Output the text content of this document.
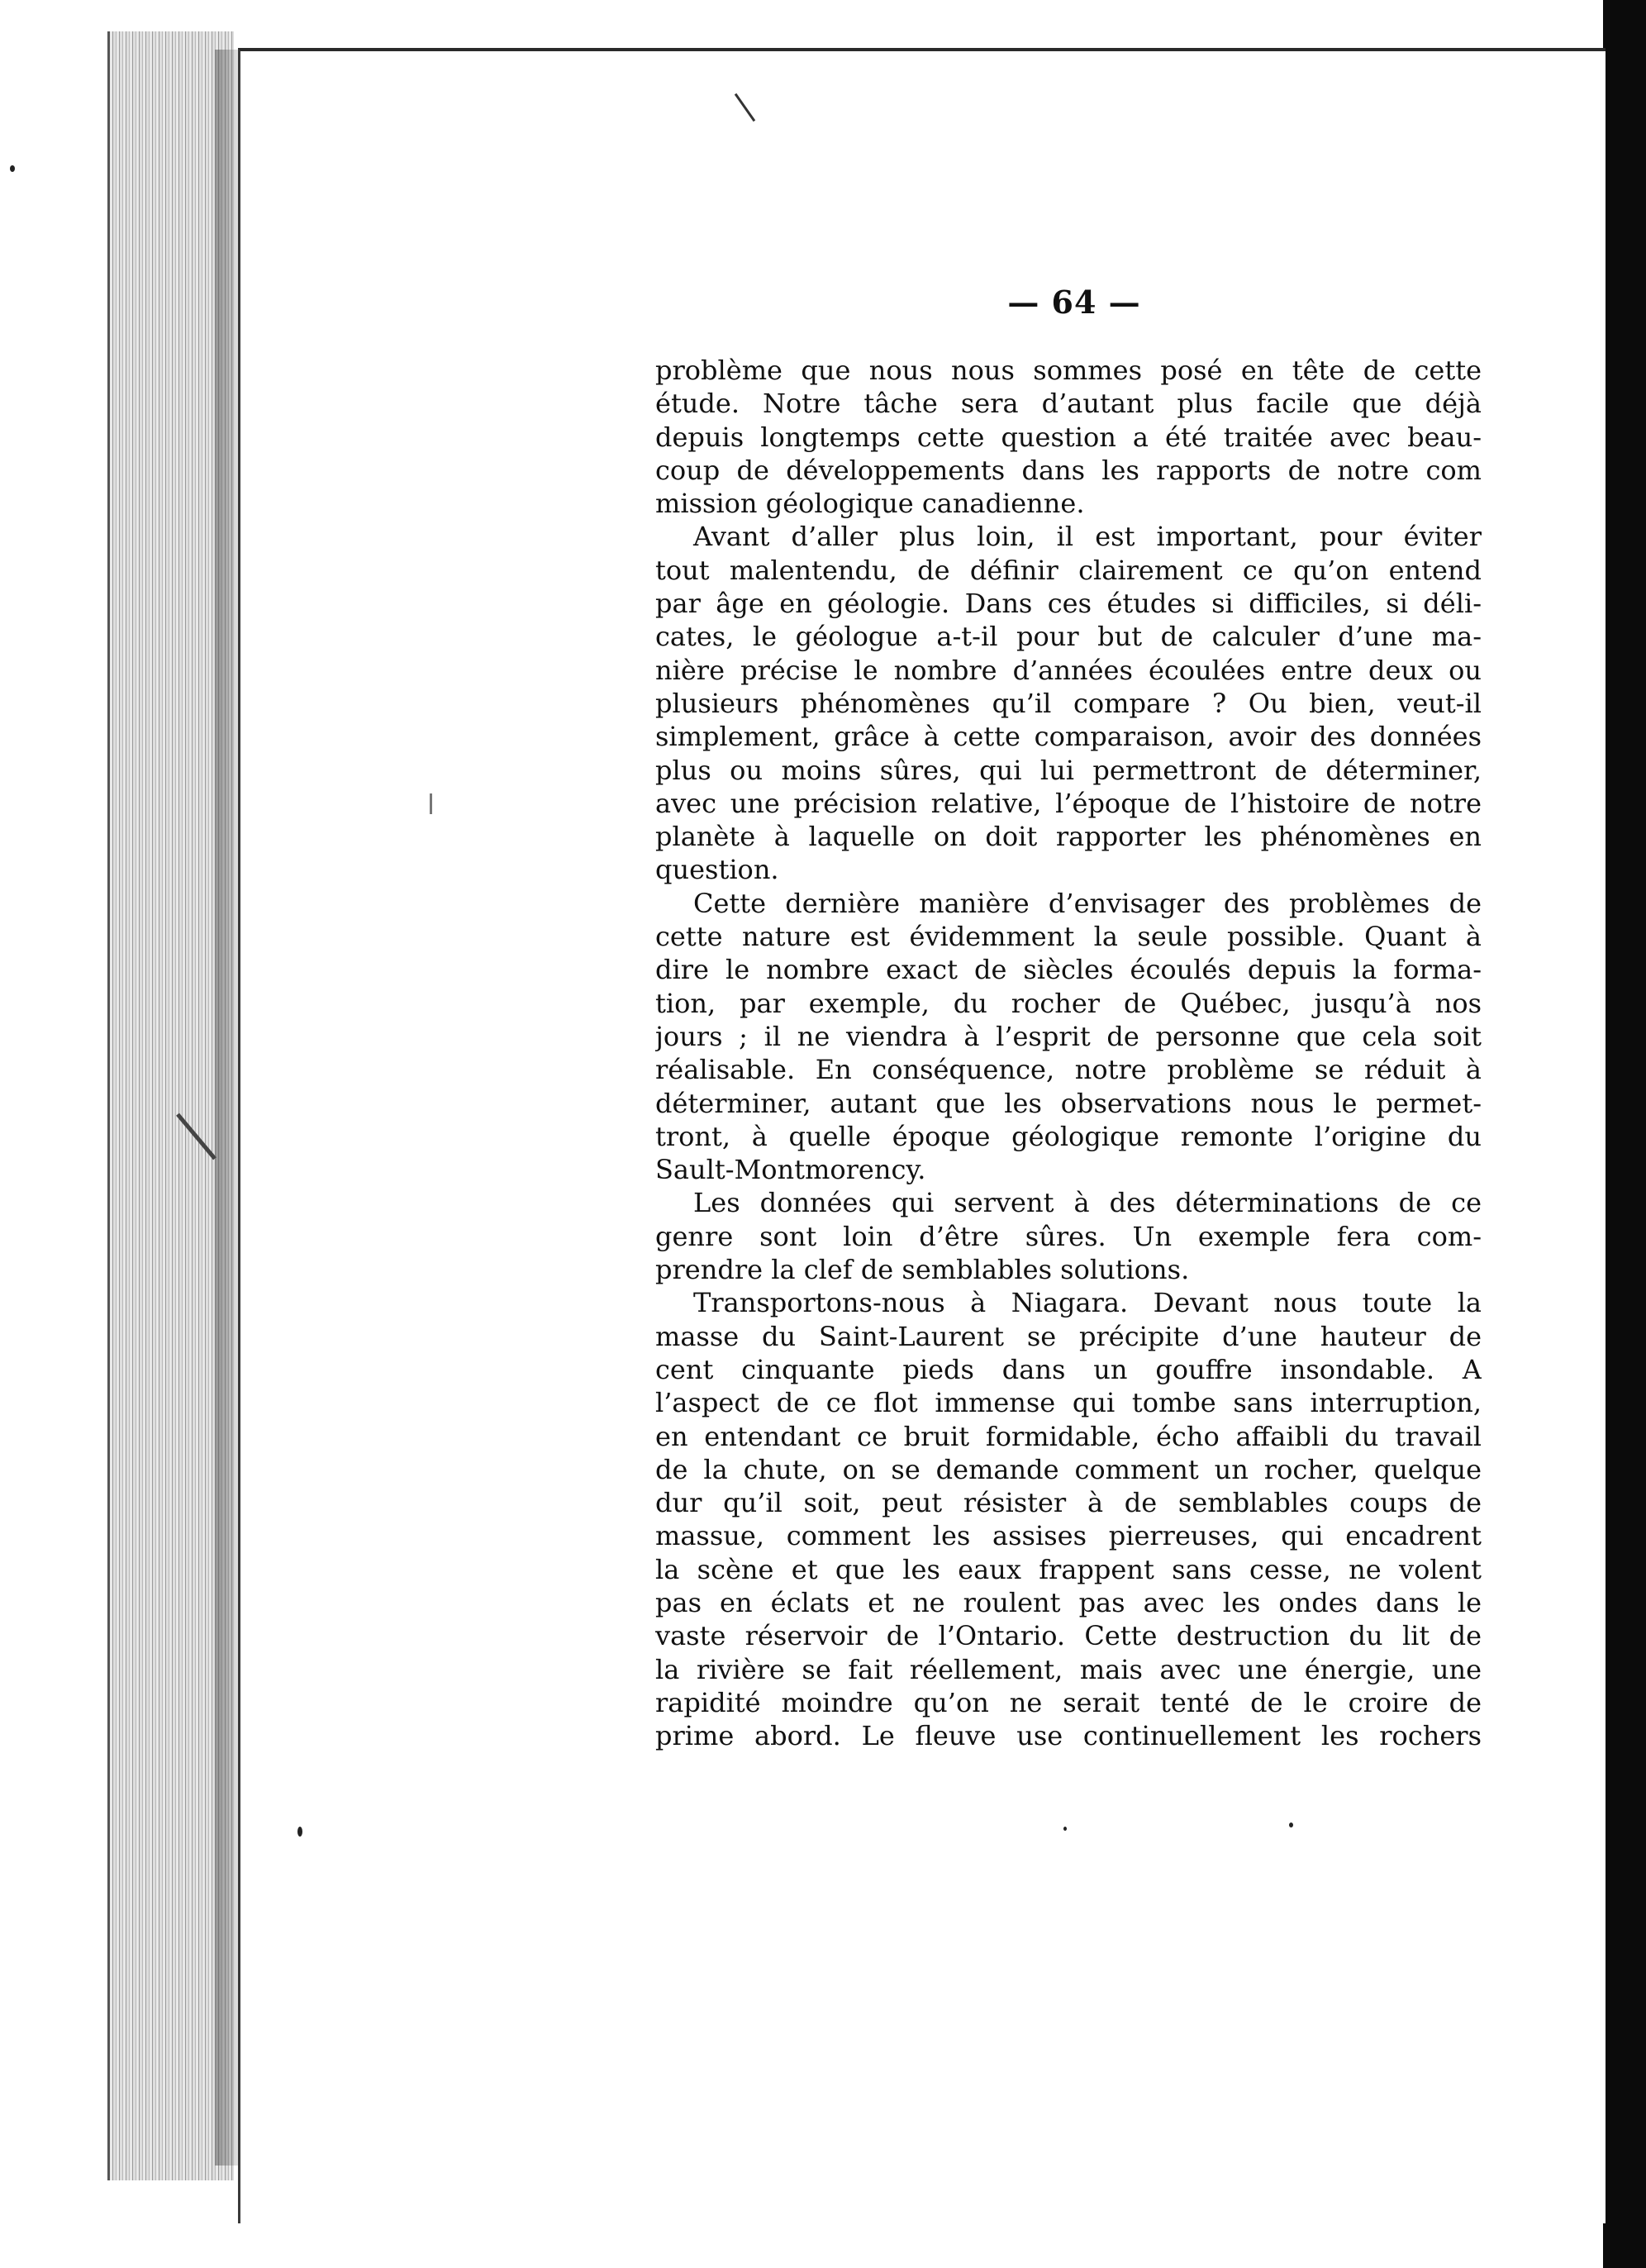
— 64 —
problème que nous nous sommes posé en tête de cette
étude. Notre tâche sera d’autant plus facile que déjà
depuis longtemps cette question a été traitée avec beau-
coup de développements dans les rapports de notre com
mission géologique canadienne.
Avant d’aller plus loin, il est important, pour éviter
tout malentendu, de définir clairement ce qu’on entend
par âge en géologie. Dans ces études si difficiles, si déli-
cates, le géologue a-t-il pour but de calculer d’une ma-
nière précise le nombre d’années écoulées entre deux ou
plusieurs phénomènes qu’il compare ? Ou bien, veut-il
simplement, grâce à cette comparaison, avoir des données
plus ou moins sûres, qui lui permettront de déterminer,
avec une précision relative, l’époque de l’histoire de notre
planète à laquelle on doit rapporter les phénomènes en
question.
Cette dernière manière d’envisager des problèmes de
cette nature est évidemment la seule possible. Quant à
dire le nombre exact de siècles écoulés depuis la forma-
tion, par exemple, du rocher de Québec, jusqu’à nos
jours ; il ne viendra à l’esprit de personne que cela soit
réalisable. En conséquence, notre problème se réduit à
déterminer, autant que les observations nous le permet-
tront, à quelle époque géologique remonte l’origine du
Sault-Montmorency.
Les données qui servent à des déterminations de ce
genre sont loin d’être sûres. Un exemple fera com-
prendre la clef de semblables solutions.
Transportons-nous à Niagara. Devant nous toute la
masse du Saint-Laurent se précipite d’une hauteur de
cent cinquante pieds dans un gouffre insondable. A
l’aspect de ce flot immense qui tombe sans interruption,
en entendant ce bruit formidable, écho affaibli du travail
de la chute, on se demande comment un rocher, quelque
dur qu’il soit, peut résister à de semblables coups de
massue, comment les assises pierreuses, qui encadrent
la scène et que les eaux frappent sans cesse, ne volent
pas en éclats et ne roulent pas avec les ondes dans le
vaste réservoir de l’Ontario. Cette destruction du lit de
la rivière se fait réellement, mais avec une énergie, une
rapidité moindre qu’on ne serait tenté de le croire de
prime abord. Le fleuve use continuellement les rochers
